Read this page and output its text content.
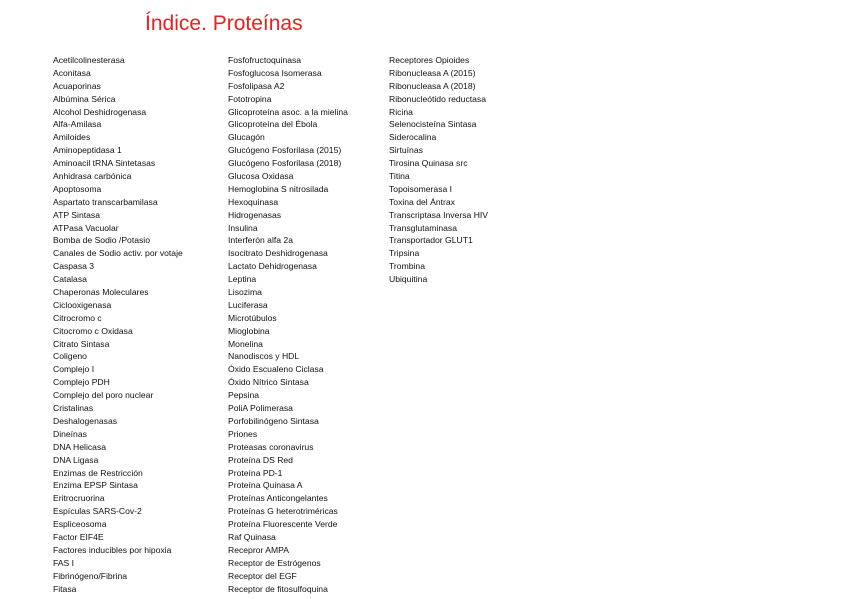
Índice. Proteínas
Acetilcolinesterasa
Aconitasa
Acuaporinas
Albúmina Sérica
Alcohol Deshidrogenasa
Alfa-Amilasa
Amiloides
Aminopeptidasa 1
Aminoacil tRNA Sintetasas
Anhidrasa carbónica
Apoptosoma
Aspartato transcarbamilasa
ATP Sintasa
ATPasa Vacuolar
Bomba de Sodio /Potasio
Canales de Sodio activ. por votaje
Caspasa 3
Catalasa
Chaperonas Moleculares
Ciclooxigenasa
Citrocromo c
Citocromo c Oxidasa
Citrato Sintasa
Coligeno
Complejo I
Complejo PDH
Complejo del poro nuclear
Cristalinas
Deshalogenasas
Dineínas
DNA Helicasa
DNA Ligasa
Enzimas de Restricción
Enzima EPSP Sintasa
Eritrocruorina
Espículas SARS-Cov-2
Espliceosoma
Factor EIF4E
Factores inducibles por hipoxia
FAS I
Fibrinógeno/Fibrina
Fitasa
Fosfofructoquinasa
Fosfoglucosa Isomerasa
Fosfolipasa A2
Fototropina
Glicoproteína asoc. a la mielina
Glicoproteína del Ébola
Glucagón
Glucógeno Fosforilasa (2015)
Glucógeno Fosforilasa (2018)
Glucosa Oxidasa
Hemoglobina S nitrosilada
Hexoquinasa
Hidrogenasas
Insulina
Interferón alfa 2a
Isocitrato Deshidrogenasa
Lactato Dehidrogenasa
Leptina
Lisozima
Luciferasa
Microtúbulos
Mioglobina
Monelina
Nanodiscos y HDL
Óxido Escualeno Ciclasa
Óxido Nítrico Sintasa
Pepsina
PoliA Polimerasa
Porfobilinógeno Sintasa
Priones
Proteasas coronavirus
Proteína DS Red
Proteína PD-1
Proteína Quinasa A
Proteínas Anticongelantes
Proteínas G heterotriméricas
Proteína Fluorescente Verde
Raf Quinasa
Recepror AMPA
Receptor de Estrógenos
Receptor del EGF
Receptor de fitosulfoquina
Receptores Opioides
Ribonucleasa A (2015)
Ribonucleasa A (2018)
Ribonucleótido reductasa
Ricina
Selenocisteína Sintasa
Siderocalina
Sirtuínas
Tirosina Quinasa src
Titina
Topoisomerasa I
Toxina del Ántrax
Transcriptasa Inversa HIV
Transglutaminasa
Transportador GLUT1
Tripsina
Trombina
Ubiquitina
